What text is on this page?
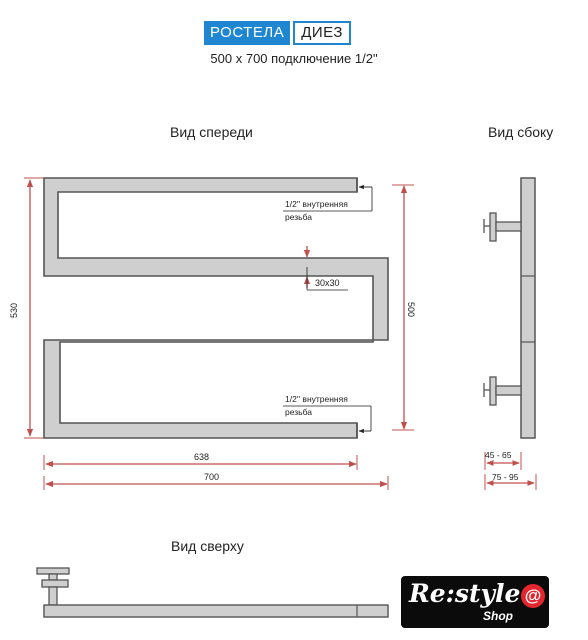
РОСТЕЛА	ДИЕЗ
500 x 700 подключение 1/2"
Вид спереди	Вид сбоку
Вид сверху
530	500
638
700
30x30
1/2'' внутренняя
резьба
1/2'' внутренняя
резьба
45 - 65
75 - 95
Re:style
Shop
@
